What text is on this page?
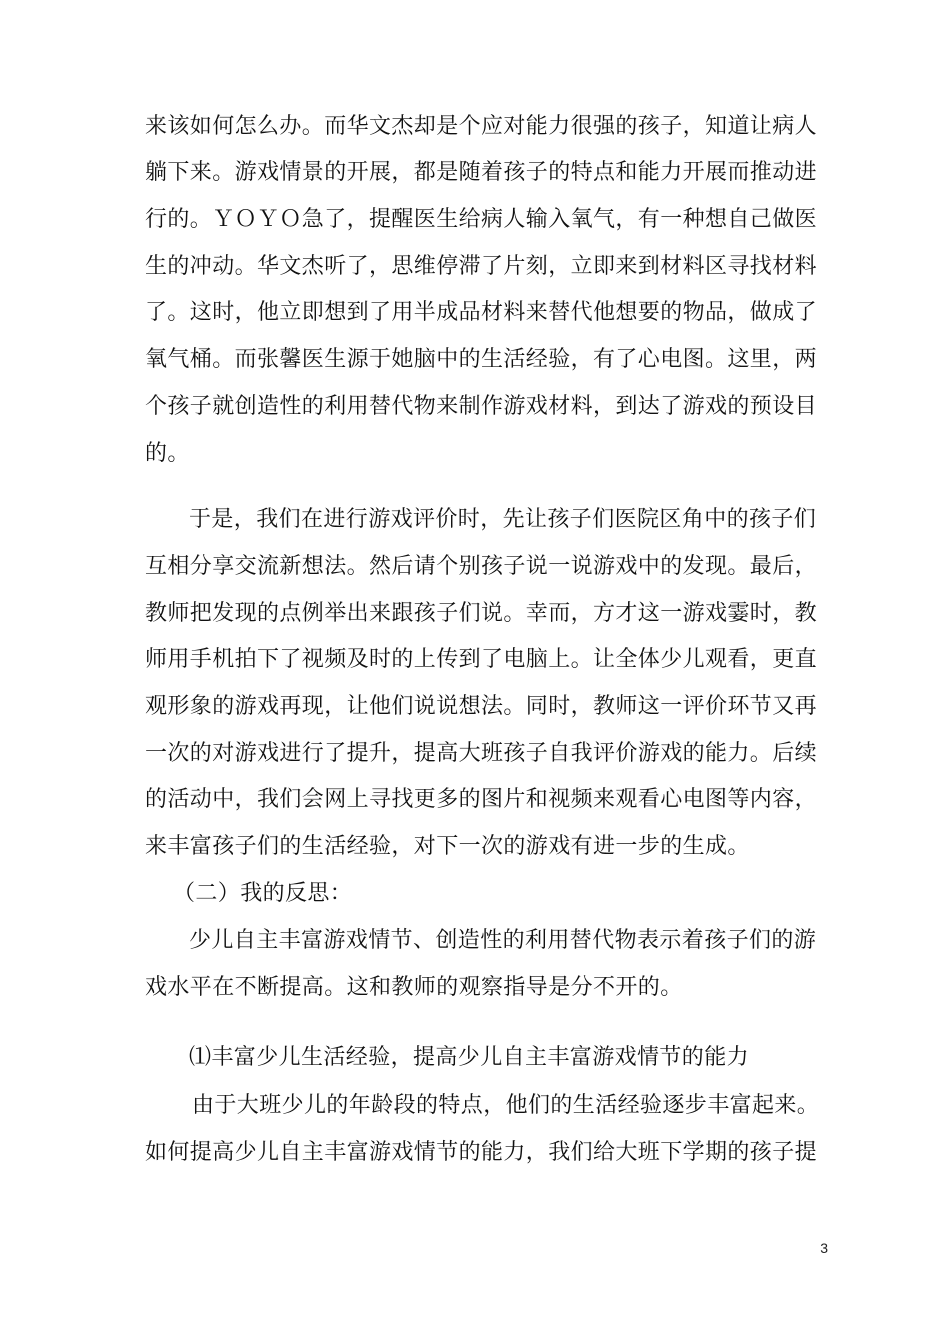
来该如何怎么办。而华文杰却是个应对能力很强的孩子，知道让病人
躺下来。游戏情景的开展，都是随着孩子的特点和能力开展而推动进
行的。ＹＯＹＯ急了，提醒医生给病人输入氧气，有一种想自己做医
生的冲动。华文杰听了，思维停滞了片刻，立即来到材料区寻找材料
了。这时，他立即想到了用半成品材料来替代他想要的物品，做成了
氧气桶。而张馨医生源于她脑中的生活经验，有了心电图。这里，两
个孩子就创造性的利用替代物来制作游戏材料，到达了游戏的预设目
的。
于是，我们在进行游戏评价时，先让孩子们医院区角中的孩子们
互相分享交流新想法。然后请个别孩子说一说游戏中的发现。最后，
教师把发现的点例举出来跟孩子们说。幸而，方才这一游戏霎时，教
师用手机拍下了视频及时的上传到了电脑上。让全体少儿观看，更直
观形象的游戏再现，让他们说说想法。同时，教师这一评价环节又再
一次的对游戏进行了提升，提高大班孩子自我评价游戏的能力。后续
的活动中，我们会网上寻找更多的图片和视频来观看心电图等内容，
来丰富孩子们的生活经验，对下一次的游戏有进一步的生成。
（二）我的反思：
少儿自主丰富游戏情节、创造性的利用替代物表示着孩子们的游
戏水平在不断提高。这和教师的观察指导是分不开的。
⑴丰富少儿生活经验，提高少儿自主丰富游戏情节的能力
由于大班少儿的年龄段的特点，他们的生活经验逐步丰富起来。
如何提高少儿自主丰富游戏情节的能力，我们给大班下学期的孩子提
3
